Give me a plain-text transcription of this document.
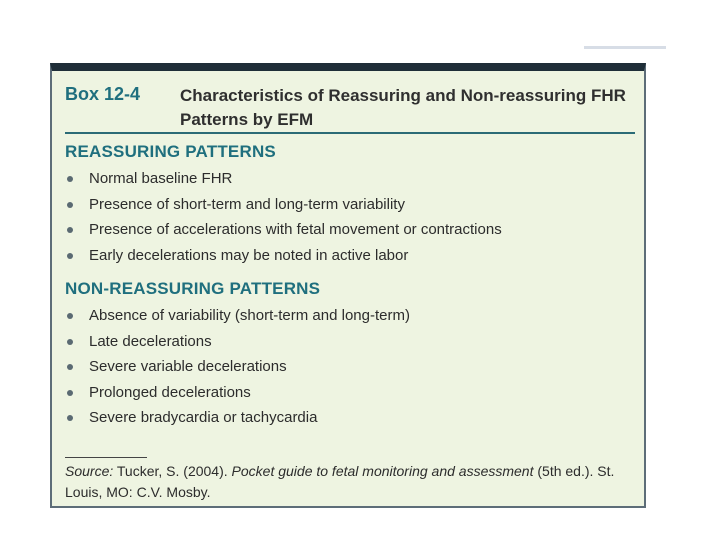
Box 12-4 Characteristics of Reassuring and Non-reassuring FHR Patterns by EFM
REASSURING PATTERNS
Normal baseline FHR
Presence of short-term and long-term variability
Presence of accelerations with fetal movement or contractions
Early decelerations may be noted in active labor
NON-REASSURING PATTERNS
Absence of variability (short-term and long-term)
Late decelerations
Severe variable decelerations
Prolonged decelerations
Severe bradycardia or tachycardia
Source: Tucker, S. (2004). Pocket guide to fetal monitoring and assessment (5th ed.). St. Louis, MO: C.V. Mosby.
